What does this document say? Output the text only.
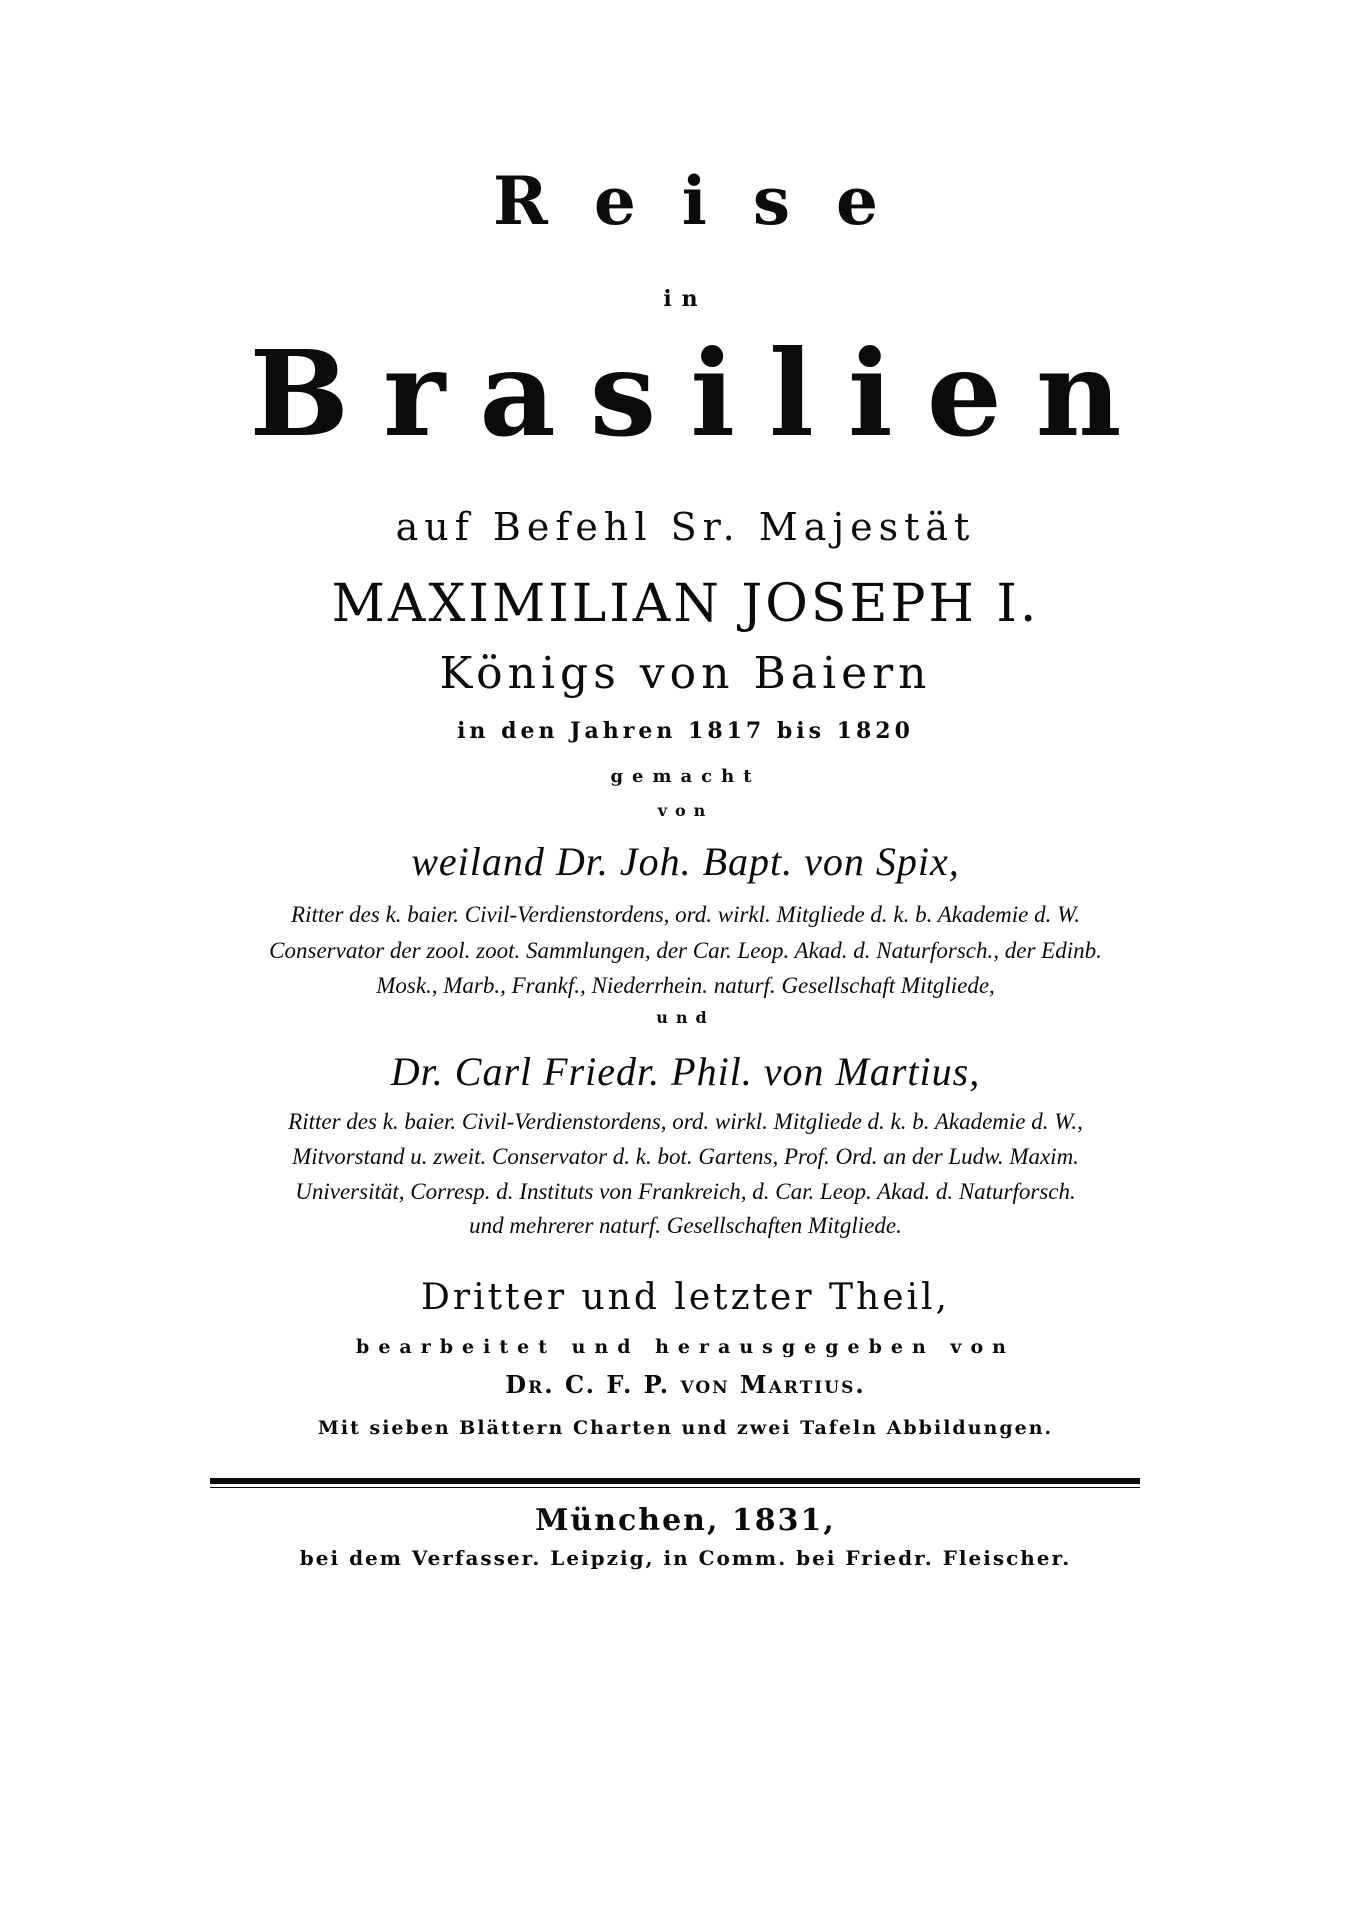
Reise
in
Brasilien
auf Befehl Sr. Majestät
MAXIMILIAN JOSEPH I.
Königs von Baiern
in den Jahren 1817 bis 1820
gemacht
von
weiland Dr. Joh. Bapt. von Spix,
Ritter des k. baier. Civil-Verdienstordens, ord. wirkl. Mitgliede d. k. b. Akademie d. W.
Conservator der zool. zoot. Sammlungen, der Car. Leop. Akad. d. Naturforsch., der Edinb.
Mosk., Marb., Frankf., Niederrhein. naturf. Gesellschaft Mitgliede,
und
Dr. Carl Friedr. Phil. von Martius,
Ritter des k. baier. Civil-Verdienstordens, ord. wirkl. Mitgliede d. k. b. Akademie d. W.,
Mitvorstand u. zweit. Conservator d. k. bot. Gartens, Prof. Ord. an der Ludw. Maxim.
Universität, Corresp. d. Instituts von Frankreich, d. Car. Leop. Akad. d. Naturforsch.
und mehrerer naturf. Gesellschaften Mitgliede.
Dritter und letzter Theil,
bearbeitet und herausgegeben von
Dr. C. F. P. von Martius.
Mit sieben Blättern Charten und zwei Tafeln Abbildungen.
München, 1831,
bei dem Verfasser. Leipzig, in Comm. bei Friedr. Fleischer.
